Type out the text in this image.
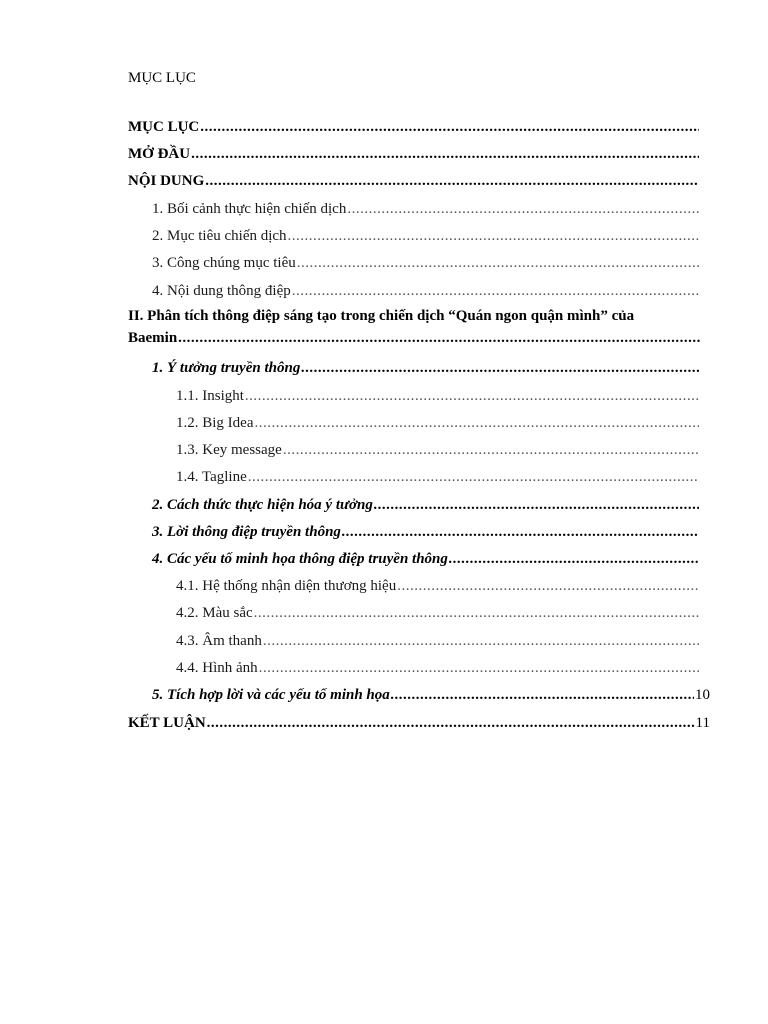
MỤC LỤC
MỤC LỤC
.....
MỞ ĐẦU
.....
NỘI DUNG
.....
1. Bối cảnh thực hiện chiến dịch
.....
2. Mục tiêu chiến dịch
.....
3. Công chúng mục tiêu
.....
4. Nội dung thông điệp
.....
II. Phân tích thông điệp sáng tạo trong chiến dịch “Quán ngon quận mình” của
Baemin
.....
1. Ý tưởng truyền thông
.....
1.1. Insight
.....
1.2. Big Idea
.....
1.3. Key message
.....
1.4. Tagline
.....
2. Cách thức thực hiện hóa ý tưởng
.....
3. Lời thông điệp truyền thông
.....
4. Các yếu tố minh họa thông điệp truyền thông
.....
4.1. Hệ thống nhận diện thương hiệu
.....
4.2. Màu sắc
.....
4.3. Âm thanh
.....
4.4. Hình ảnh
.....
5. Tích hợp lời và các yếu tố minh họa .....	10
KẾT LUẬN .....	11
